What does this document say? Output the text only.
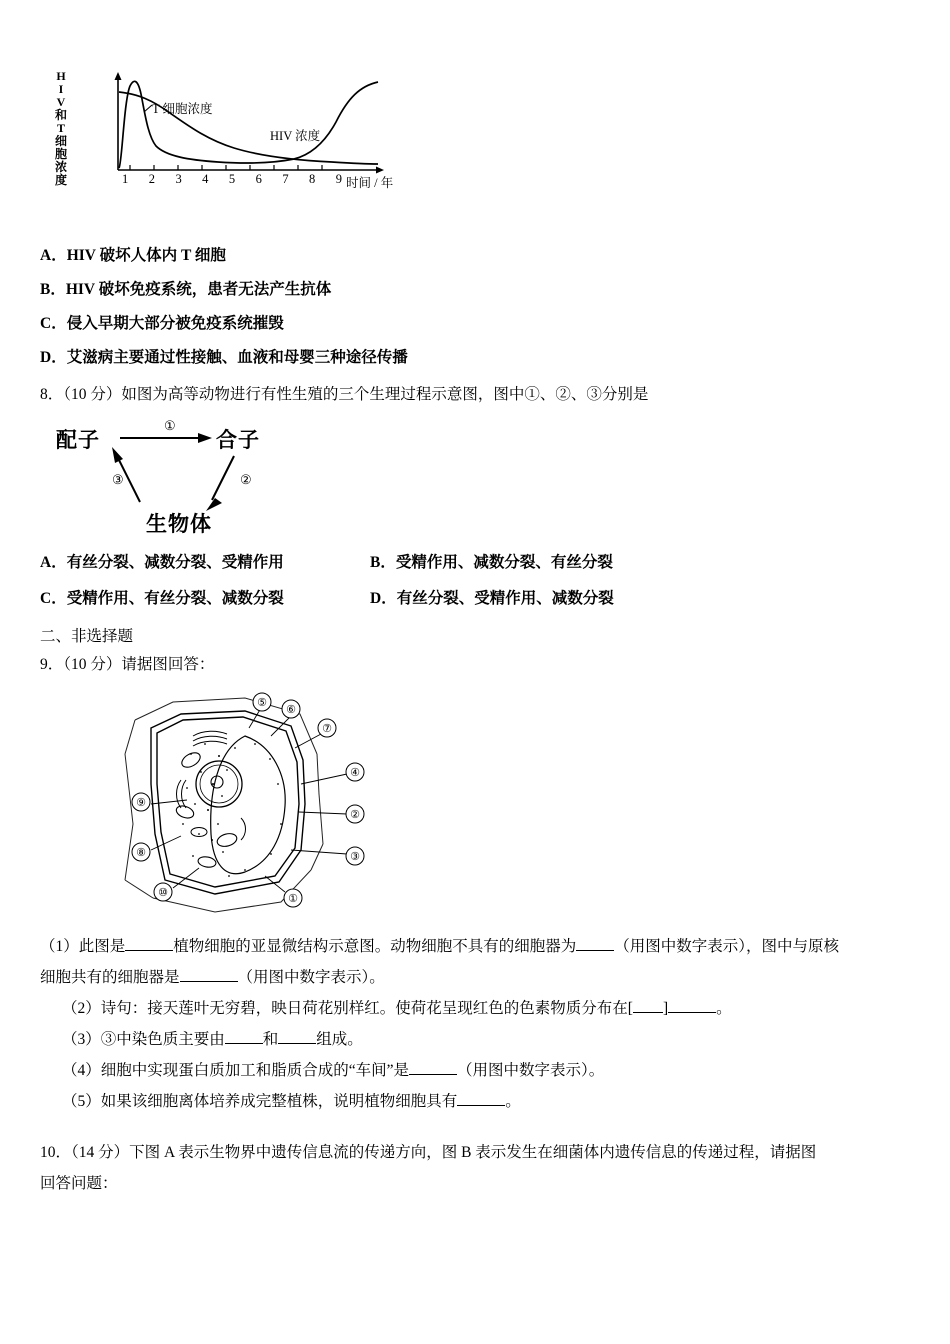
H
I
V
和
T
细
胞
浓
度
T 细胞浓度
HIV 浓度
时间 / 年
1 2 3 4 5 6 7 8 9

A．HIV 破坏人体内 T 细胞

B．HIV 破坏免疫系统，患者无法产生抗体

C．侵入早期大部分被免疫系统摧毁

D．艾滋病主要通过性接触、血液和母婴三种途径传播

8．（10 分）如图为高等动物进行有性生殖的三个生理过程示意图，图中①、②、③分别是

配子	合子
生物体
①
②
③
A．有丝分裂、减数分裂、受精作用	B．受精作用、减数分裂、有丝分裂
C．受精作用、有丝分裂、减数分裂	D．有丝分裂、受精作用、减数分裂

二、非选择题

9．（10 分）请据图回答：

⑤
⑥
⑦
④
②
③
⑨
⑧
⑩	①

（1）此图是	植物细胞的亚显微结构示意图。动物细胞不具有的细胞器为 （用图中数字表示），图中与原核

细胞共有的细胞器是	（用图中数字表示）。

（2）诗句：接天莲叶无穷碧，映日荷花别样红。使荷花呈现红色的色素物质分布在[ ]	。

（3）③中染色质主要由 和 组成。

（4）细胞中实现蛋白质加工和脂质合成的“车间”是	（用图中数字表示）。

（5）如果该细胞离体培养成完整植株，说明植物细胞具有	。

10．（14 分）下图 A 表示生物界中遗传信息流的传递方向，图 B 表示发生在细菌体内遗传信息的传递过程，请据图

回答问题：
